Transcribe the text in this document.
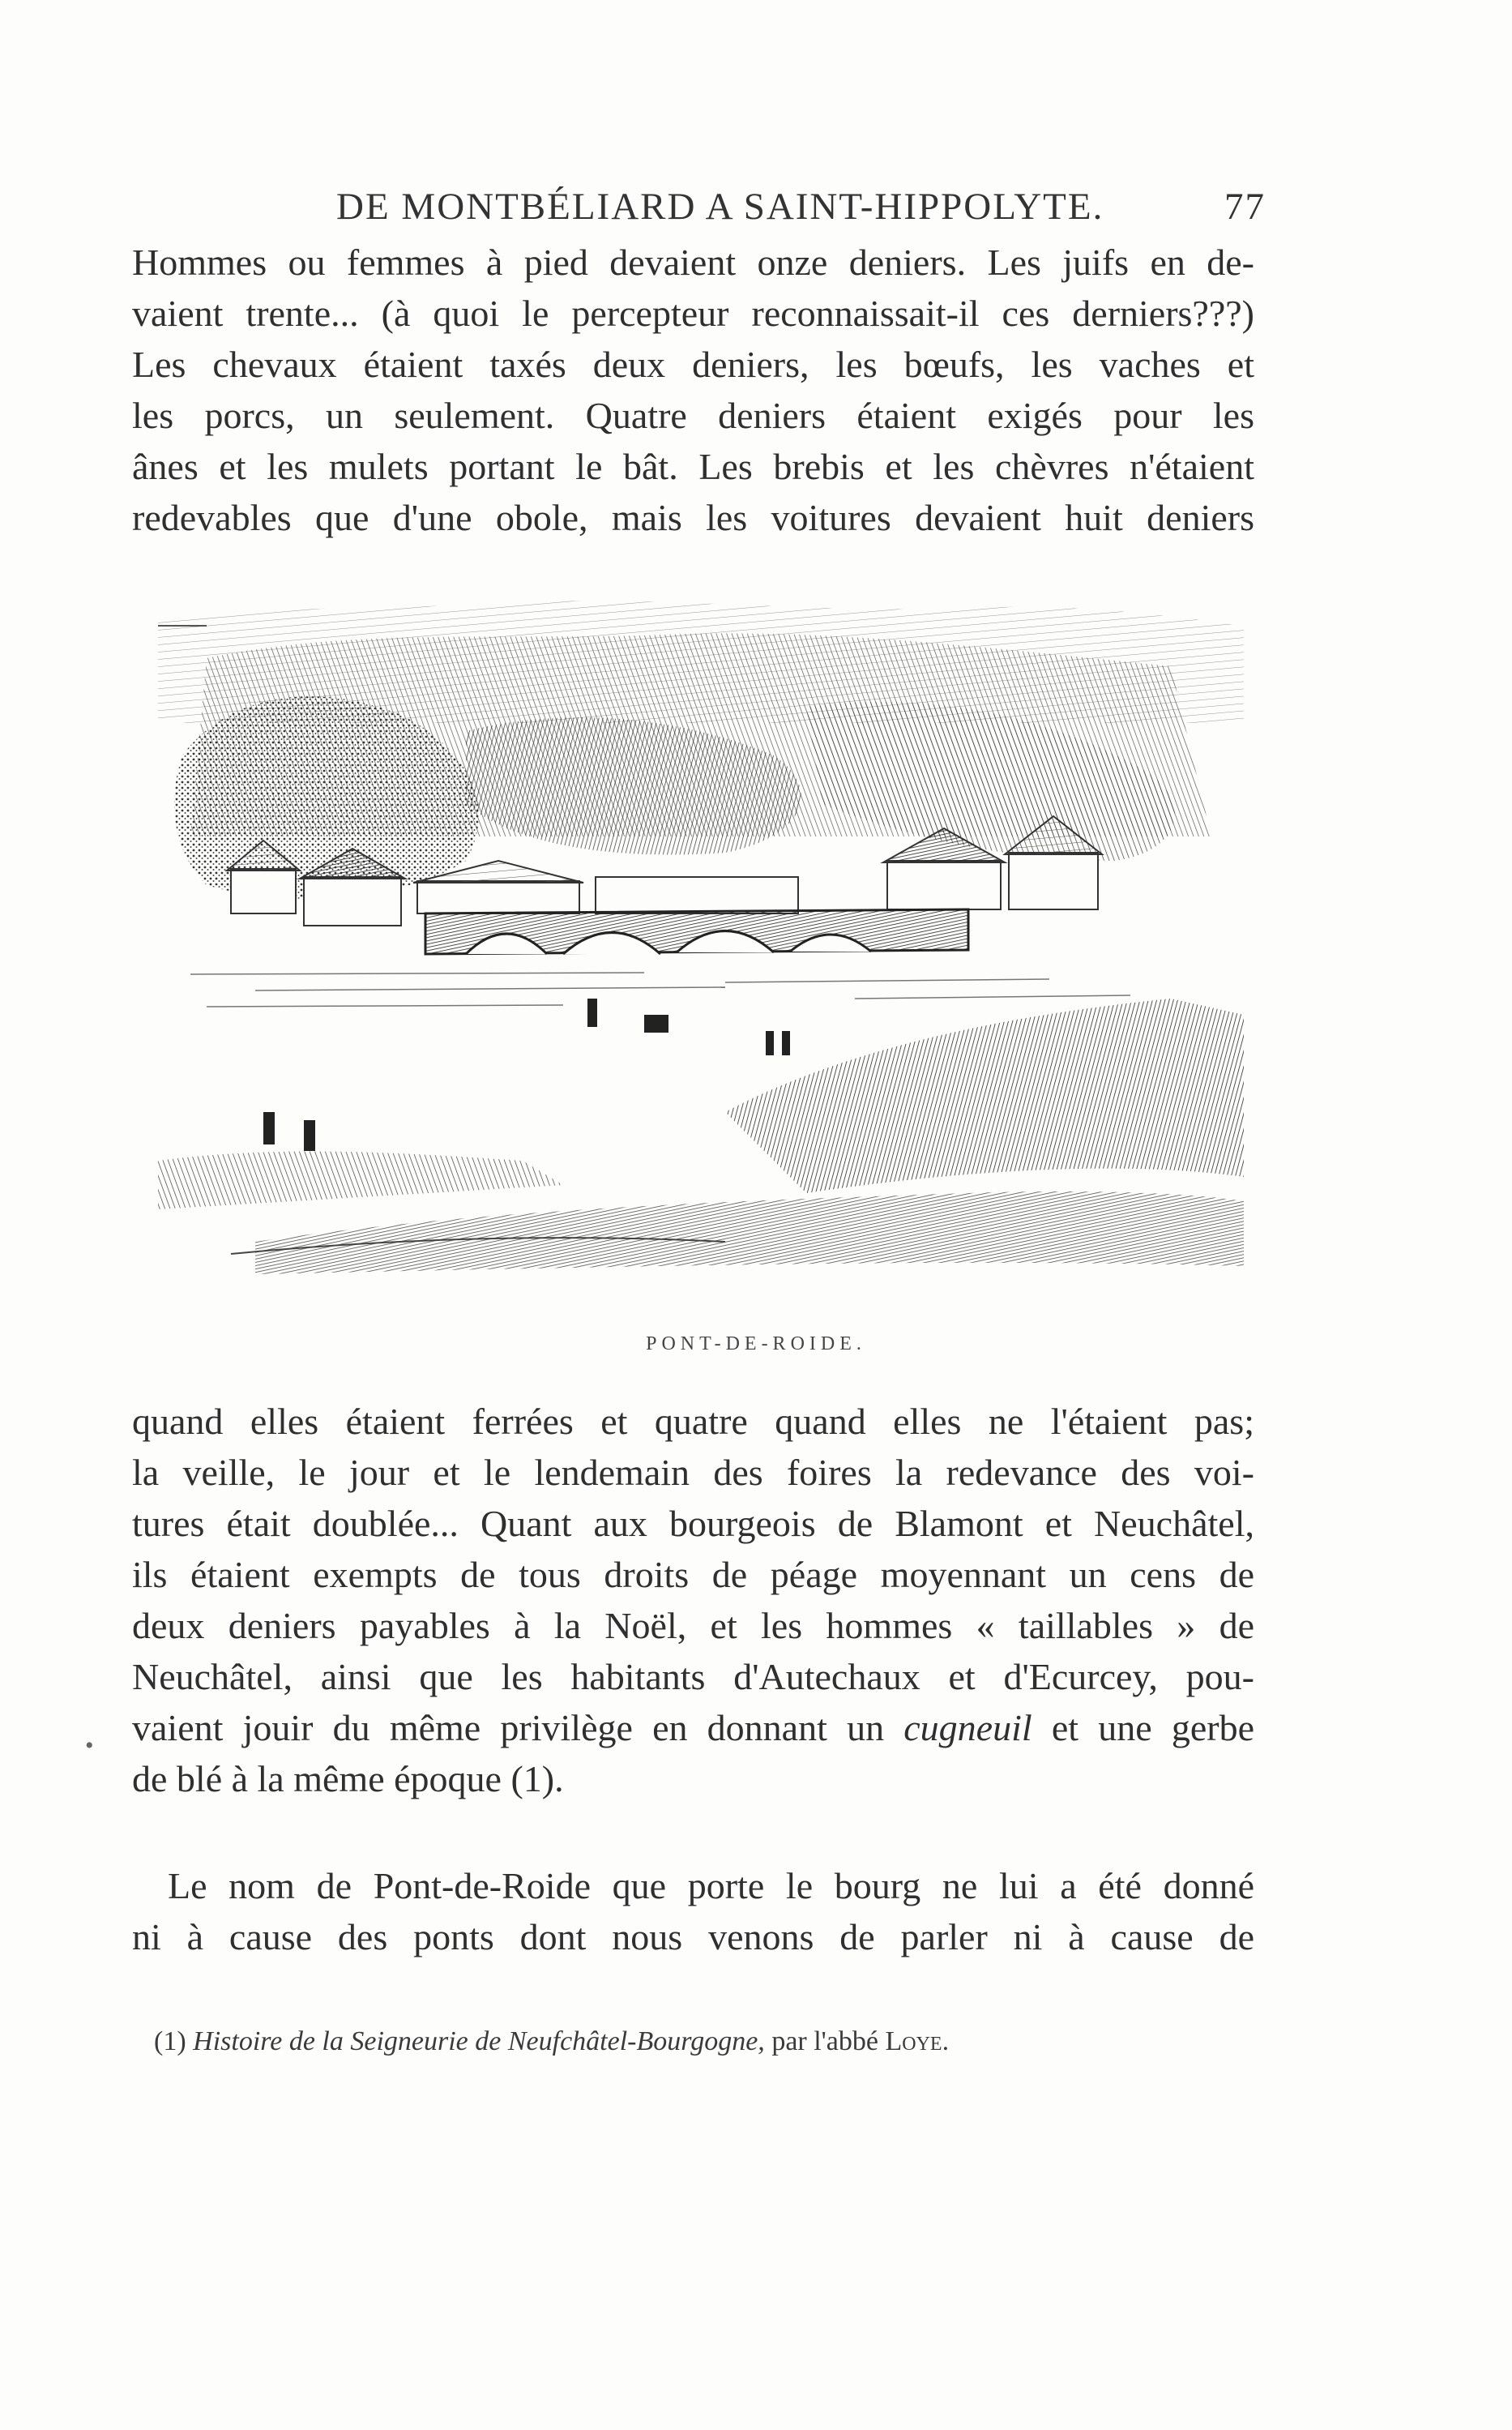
DE MONTBÉLIARD A SAINT-HIPPOLYTE.	77
Hommes ou femmes à pied devaient onze deniers. Les juifs en de-
vaient trente... (à quoi le percepteur reconnaissait-il ces derniers???)
Les chevaux étaient taxés deux deniers, les bœufs, les vaches et
les porcs, un seulement. Quatre deniers étaient exigés pour les
ânes et les mulets portant le bât. Les brebis et les chèvres n'étaient
redevables que d'une obole, mais les voitures devaient huit deniers
PONT-DE-ROIDE.
quand elles étaient ferrées et quatre quand elles ne l'étaient pas;
la veille, le jour et le lendemain des foires la redevance des voi-
tures était doublée... Quant aux bourgeois de Blamont et Neuchâtel,
ils étaient exempts de tous droits de péage moyennant un cens de
deux deniers payables à la Noël, et les hommes « taillables » de
Neuchâtel, ainsi que les habitants d'Autechaux et d'Ecurcey, pou-
vaient jouir du même privilège en donnant un cugneuil et une gerbe
de blé à la même époque (1).
•
Le nom de Pont-de-Roide que porte le bourg ne lui a été donné
ni à cause des ponts dont nous venons de parler ni à cause de
(1) Histoire de la Seigneurie de Neufchâtel-Bourgogne, par l'abbé Loye.
